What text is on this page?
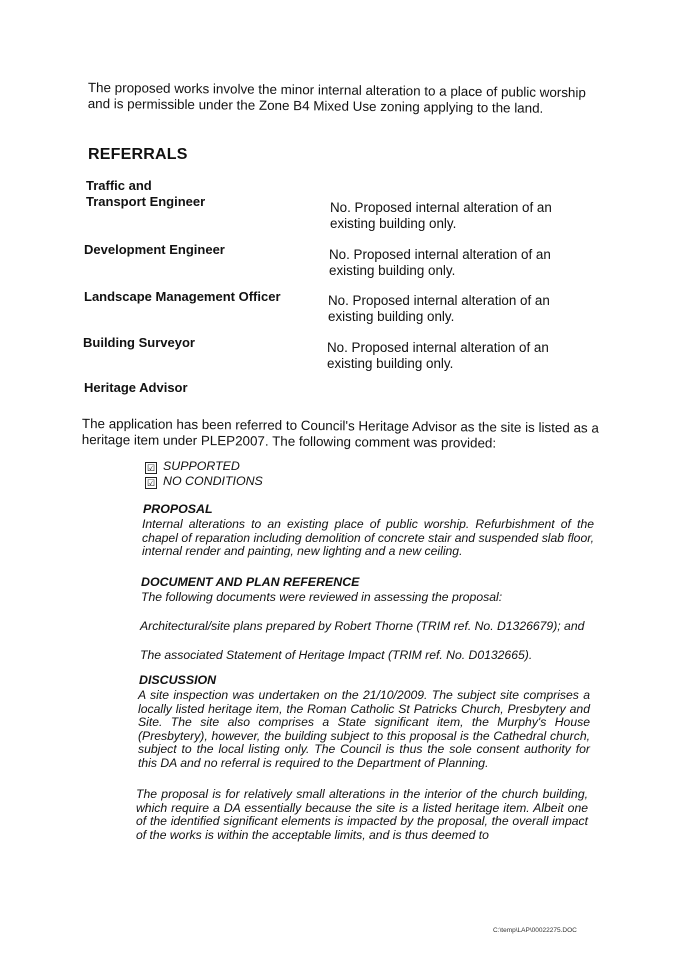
The proposed works involve the minor internal alteration to a place of public worship and is permissible under the Zone B4 Mixed Use zoning applying to the land.
REFERRALS
Traffic and
Transport Engineer	No. Proposed internal alteration of an existing building only.
Development Engineer	No. Proposed internal alteration of an existing building only.
Landscape Management Officer	No. Proposed internal alteration of an existing building only.
Building Surveyor	No. Proposed internal alteration of an existing building only.
Heritage Advisor
The application has been referred to Council's Heritage Advisor as the site is listed as a heritage item under PLEP2007. The following comment was provided:
☑ SUPPORTED
☑ NO CONDITIONS
PROPOSAL
Internal alterations to an existing place of public worship. Refurbishment of the chapel of reparation including demolition of concrete stair and suspended slab floor, internal render and painting, new lighting and a new ceiling.
DOCUMENT AND PLAN REFERENCE
The following documents were reviewed in assessing the proposal:
Architectural/site plans prepared by Robert Thorne (TRIM ref. No. D1326679); and
The associated Statement of Heritage Impact (TRIM ref. No. D0132665).
DISCUSSION
A site inspection was undertaken on the 21/10/2009. The subject site comprises a locally listed heritage item, the Roman Catholic St Patricks Church, Presbytery and Site. The site also comprises a State significant item, the Murphy's House (Presbytery), however, the building subject to this proposal is the Cathedral church, subject to the local listing only. The Council is thus the sole consent authority for this DA and no referral is required to the Department of Planning.
The proposal is for relatively small alterations in the interior of the church building, which require a DA essentially because the site is a listed heritage item. Albeit one of the identified significant elements is impacted by the proposal, the overall impact of the works is within the acceptable limits, and is thus deemed to
C:\temp\LAP\00022275.DOC
